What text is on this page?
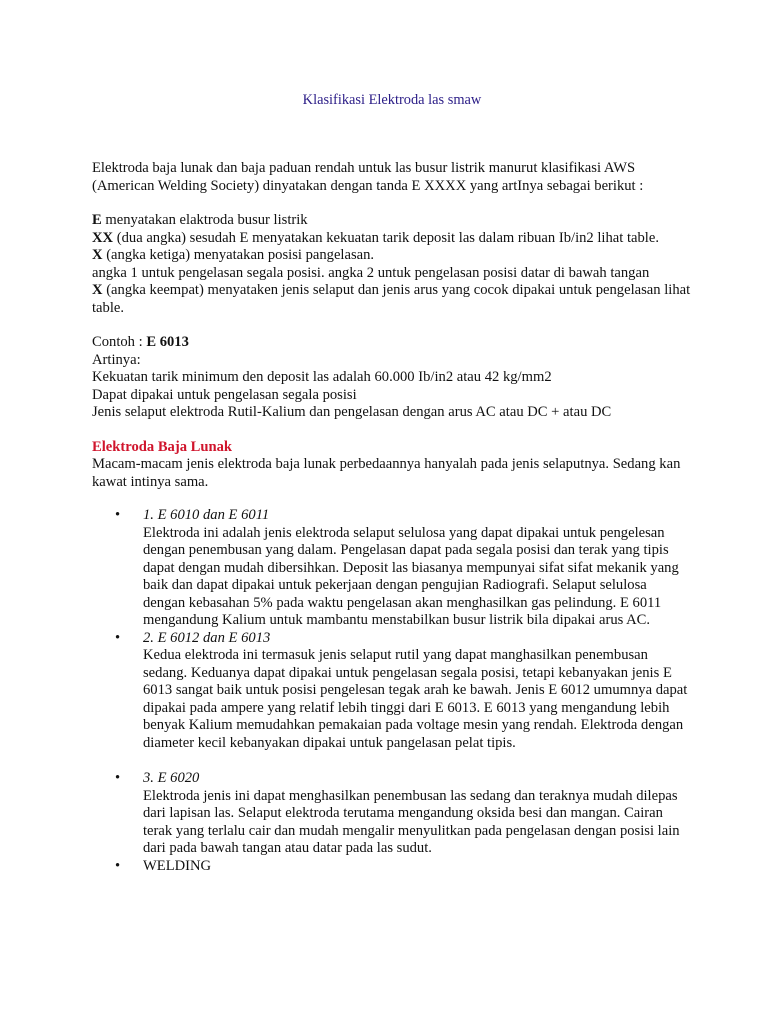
Klasifikasi Elektroda las smaw

Elektroda baja lunak dan baja paduan rendah untuk las busur listrik manurut klasifikasi AWS (American Welding Society) dinyatakan dengan tanda E XXXX yang artInya sebagai berikut :

E menyatakan elaktroda busur listrik

XX (dua angka) sesudah E menyatakan kekuatan tarik deposit las dalam ribuan Ib/in2 lihat table.

X (angka ketiga) menyatakan posisi pangelasan.

angka 1 untuk pengelasan segala posisi. angka 2 untuk pengelasan posisi datar di bawah tangan

X (angka keempat) menyataken jenis selaput dan jenis arus yang cocok dipakai untuk pengelasan lihat table.

Contoh : E 6013

Artinya:

Kekuatan tarik minimum den deposit las adalah 60.000 Ib/in2 atau 42 kg/mm2

Dapat dipakai untuk pengelasan segala posisi

Jenis selaput elektroda Rutil-Kalium dan pengelasan dengan arus AC atau DC + atau DC

Elektroda Baja Lunak

Macam-macam jenis elektroda baja lunak perbedaannya hanyalah pada jenis selaputnya. Sedang kan kawat intinya sama.

• 1. E 6010 dan E 6011

Elektroda ini adalah jenis elektroda selaput selulosa yang dapat dipakai untuk pengelesan dengan penembusan yang dalam. Pengelasan dapat pada segala posisi dan terak yang tipis dapat dengan mudah dibersihkan. Deposit las biasanya mempunyai sifat sifat mekanik yang baik dan dapat dipakai untuk pekerjaan dengan pengujian Radiografi. Selaput selulosa dengan kebasahan 5% pada waktu pengelasan akan menghasilkan gas pelindung. E 6011 mengandung Kalium untuk mambantu menstabilkan busur listrik bila dipakai arus AC.

• 2. E 6012 dan E 6013

Kedua elektroda ini termasuk jenis selaput rutil yang dapat manghasilkan penembusan sedang. Keduanya dapat dipakai untuk pengelasan segala posisi, tetapi kebanyakan jenis E 6013 sangat baik untuk posisi pengelesan tegak arah ke bawah. Jenis E 6012 umumnya dapat dipakai pada ampere yang relatif lebih tinggi dari E 6013. E 6013 yang mengandung lebih benyak Kalium memudahkan pemakaian pada voltage mesin yang rendah. Elektroda dengan diameter kecil kebanyakan dipakai untuk pangelasan pelat tipis.

• 3. E 6020

Elektroda jenis ini dapat menghasilkan penembusan las sedang dan teraknya mudah dilepas dari lapisan las. Selaput elektroda terutama mengandung oksida besi dan mangan. Cairan terak yang terlalu cair dan mudah mengalir menyulitkan pada pengelasan dengan posisi lain dari pada bawah tangan atau datar pada las sudut.

• WELDING
